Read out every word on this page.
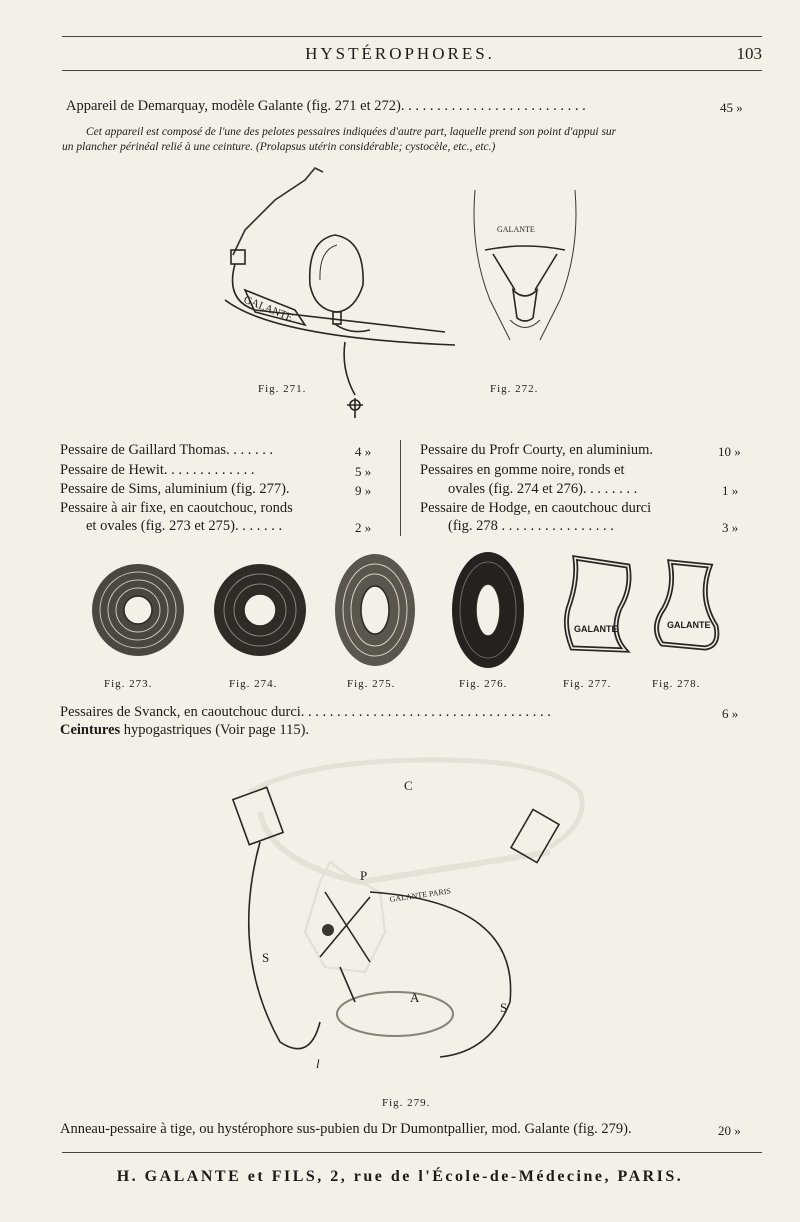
HYSTÉROPHORES.	103
Appareil de Demarquay, modèle Galante (fig. 271 et 272). . . . . . . . . . . . . . . . . . . . . . . . . .	45 »
Cet appareil est composé de l'une des pelotes pessaires indiquées d'autre part, laquelle prend son point d'appui sur
un plancher périnéal relié à une ceinture. (Prolapsus utérin considérable; cystocèle, etc., etc.)
GALANTE
Fig. 271.
GALANTE
Fig. 272.
Pessaire de Gaillard Thomas. . . . . . .	4 »
Pessaire de Hewit. . . . . . . . . . . . .	5 »
Pessaire de Sims, aluminium (fig. 277).	9 »
Pessaire à air fixe, en caoutchouc, ronds
et ovales (fig. 273 et 275). . . . . . .	2 »
Pessaire du Profr Courty, en aluminium.	10 »
Pessaires en gomme noire, ronds et
ovales (fig. 274 et 276). . . . . . . .	1 »
Pessaire de Hodge, en caoutchouc durci
(fig. 278 . . . . . . . . . . . . . . . .	3 »
GALANTE	GALANTE
Fig. 273.	Fig. 274.	Fig. 275.	Fig. 276.	Fig. 277.	Fig. 278.
Pessaires de Svanck, en caoutchouc durci. . . . . . . . . . . . . . . . . . . . . . . . . . . . . . . . . . .	6 »
Ceintures hypogastriques (Voir page 115).
GALANTE PARIS
C
P
S
S
A
l
Fig. 279.
Anneau-pessaire à tige, ou hystérophore sus-pubien du Dr Dumontpallier, mod. Galante (fig. 279).	20 »
H. GALANTE et FILS, 2, rue de l'École-de-Médecine, PARIS.
